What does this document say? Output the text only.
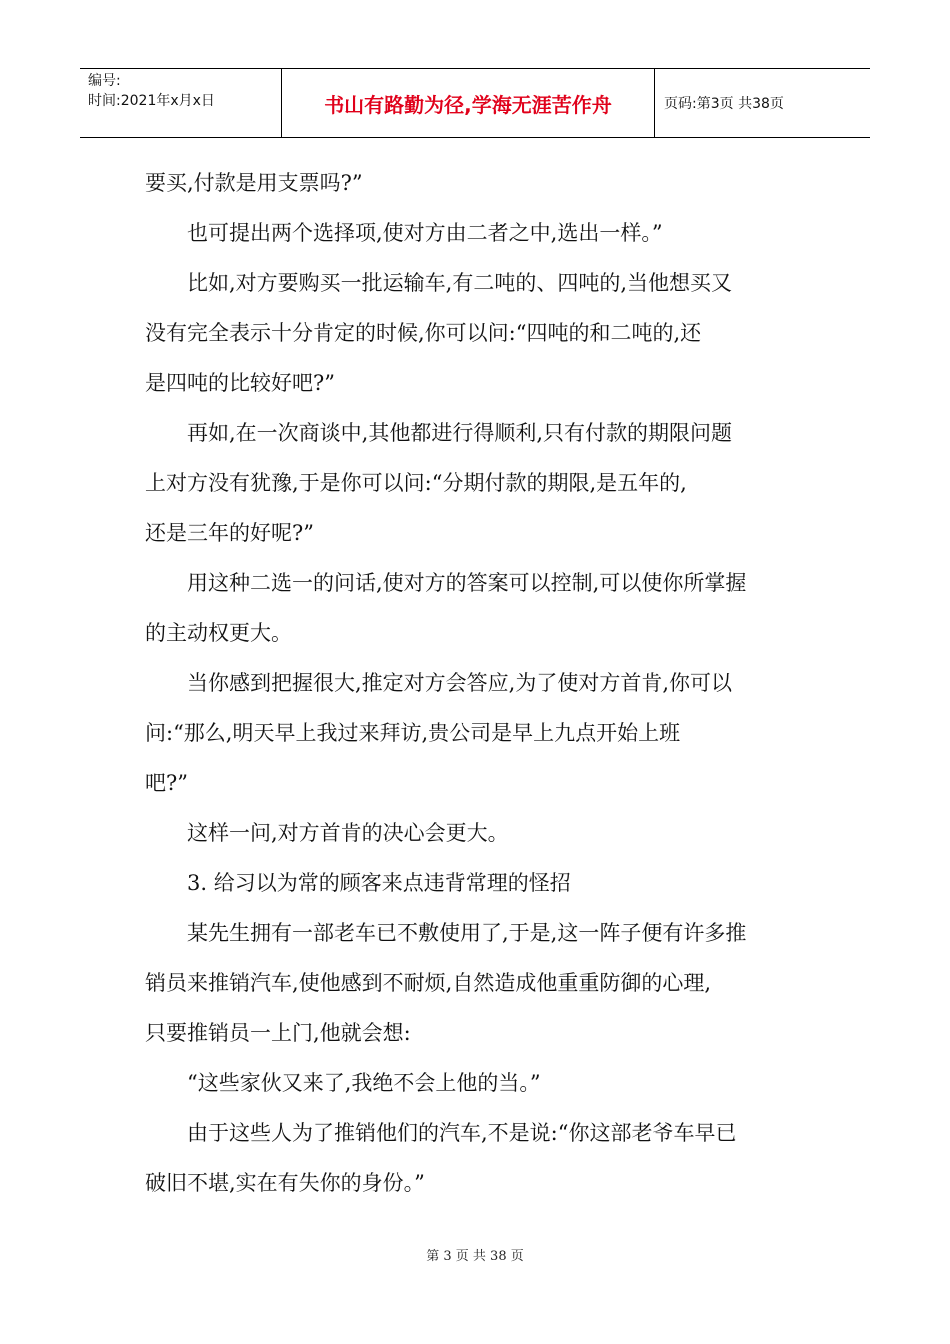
编号:
时间:2021年x月x日	书山有路勤为径,学海无涯苦作舟	页码:第3页 共38页

要买,付款是用支票吗?”

　　也可提出两个选择项,使对方由二者之中,选出一样。”

　　比如,对方要购买一批运输车,有二吨的、四吨的,当他想买又

没有完全表示十分肯定的时候,你可以问:“四吨的和二吨的,还

是四吨的比较好吧?”

　　再如,在一次商谈中,其他都进行得顺利,只有付款的期限问题

上对方没有犹豫,于是你可以问:“分期付款的期限,是五年的,

还是三年的好呢?”

　　用这种二选一的问话,使对方的答案可以控制,可以使你所掌握

的主动权更大。

　　当你感到把握很大,推定对方会答应,为了使对方首肯,你可以

问:“那么,明天早上我过来拜访,贵公司是早上九点开始上班

吧?”

　　这样一问,对方首肯的决心会更大。

　　3. 给习以为常的顾客来点违背常理的怪招

　　某先生拥有一部老车已不敷使用了,于是,这一阵子便有许多推

销员来推销汽车,使他感到不耐烦,自然造成他重重防御的心理,

只要推销员一上门,他就会想:

　　“这些家伙又来了,我绝不会上他的当。”

　　由于这些人为了推销他们的汽车,不是说:“你这部老爷车早已

破旧不堪,实在有失你的身份。”

第 3 页 共 38 页
